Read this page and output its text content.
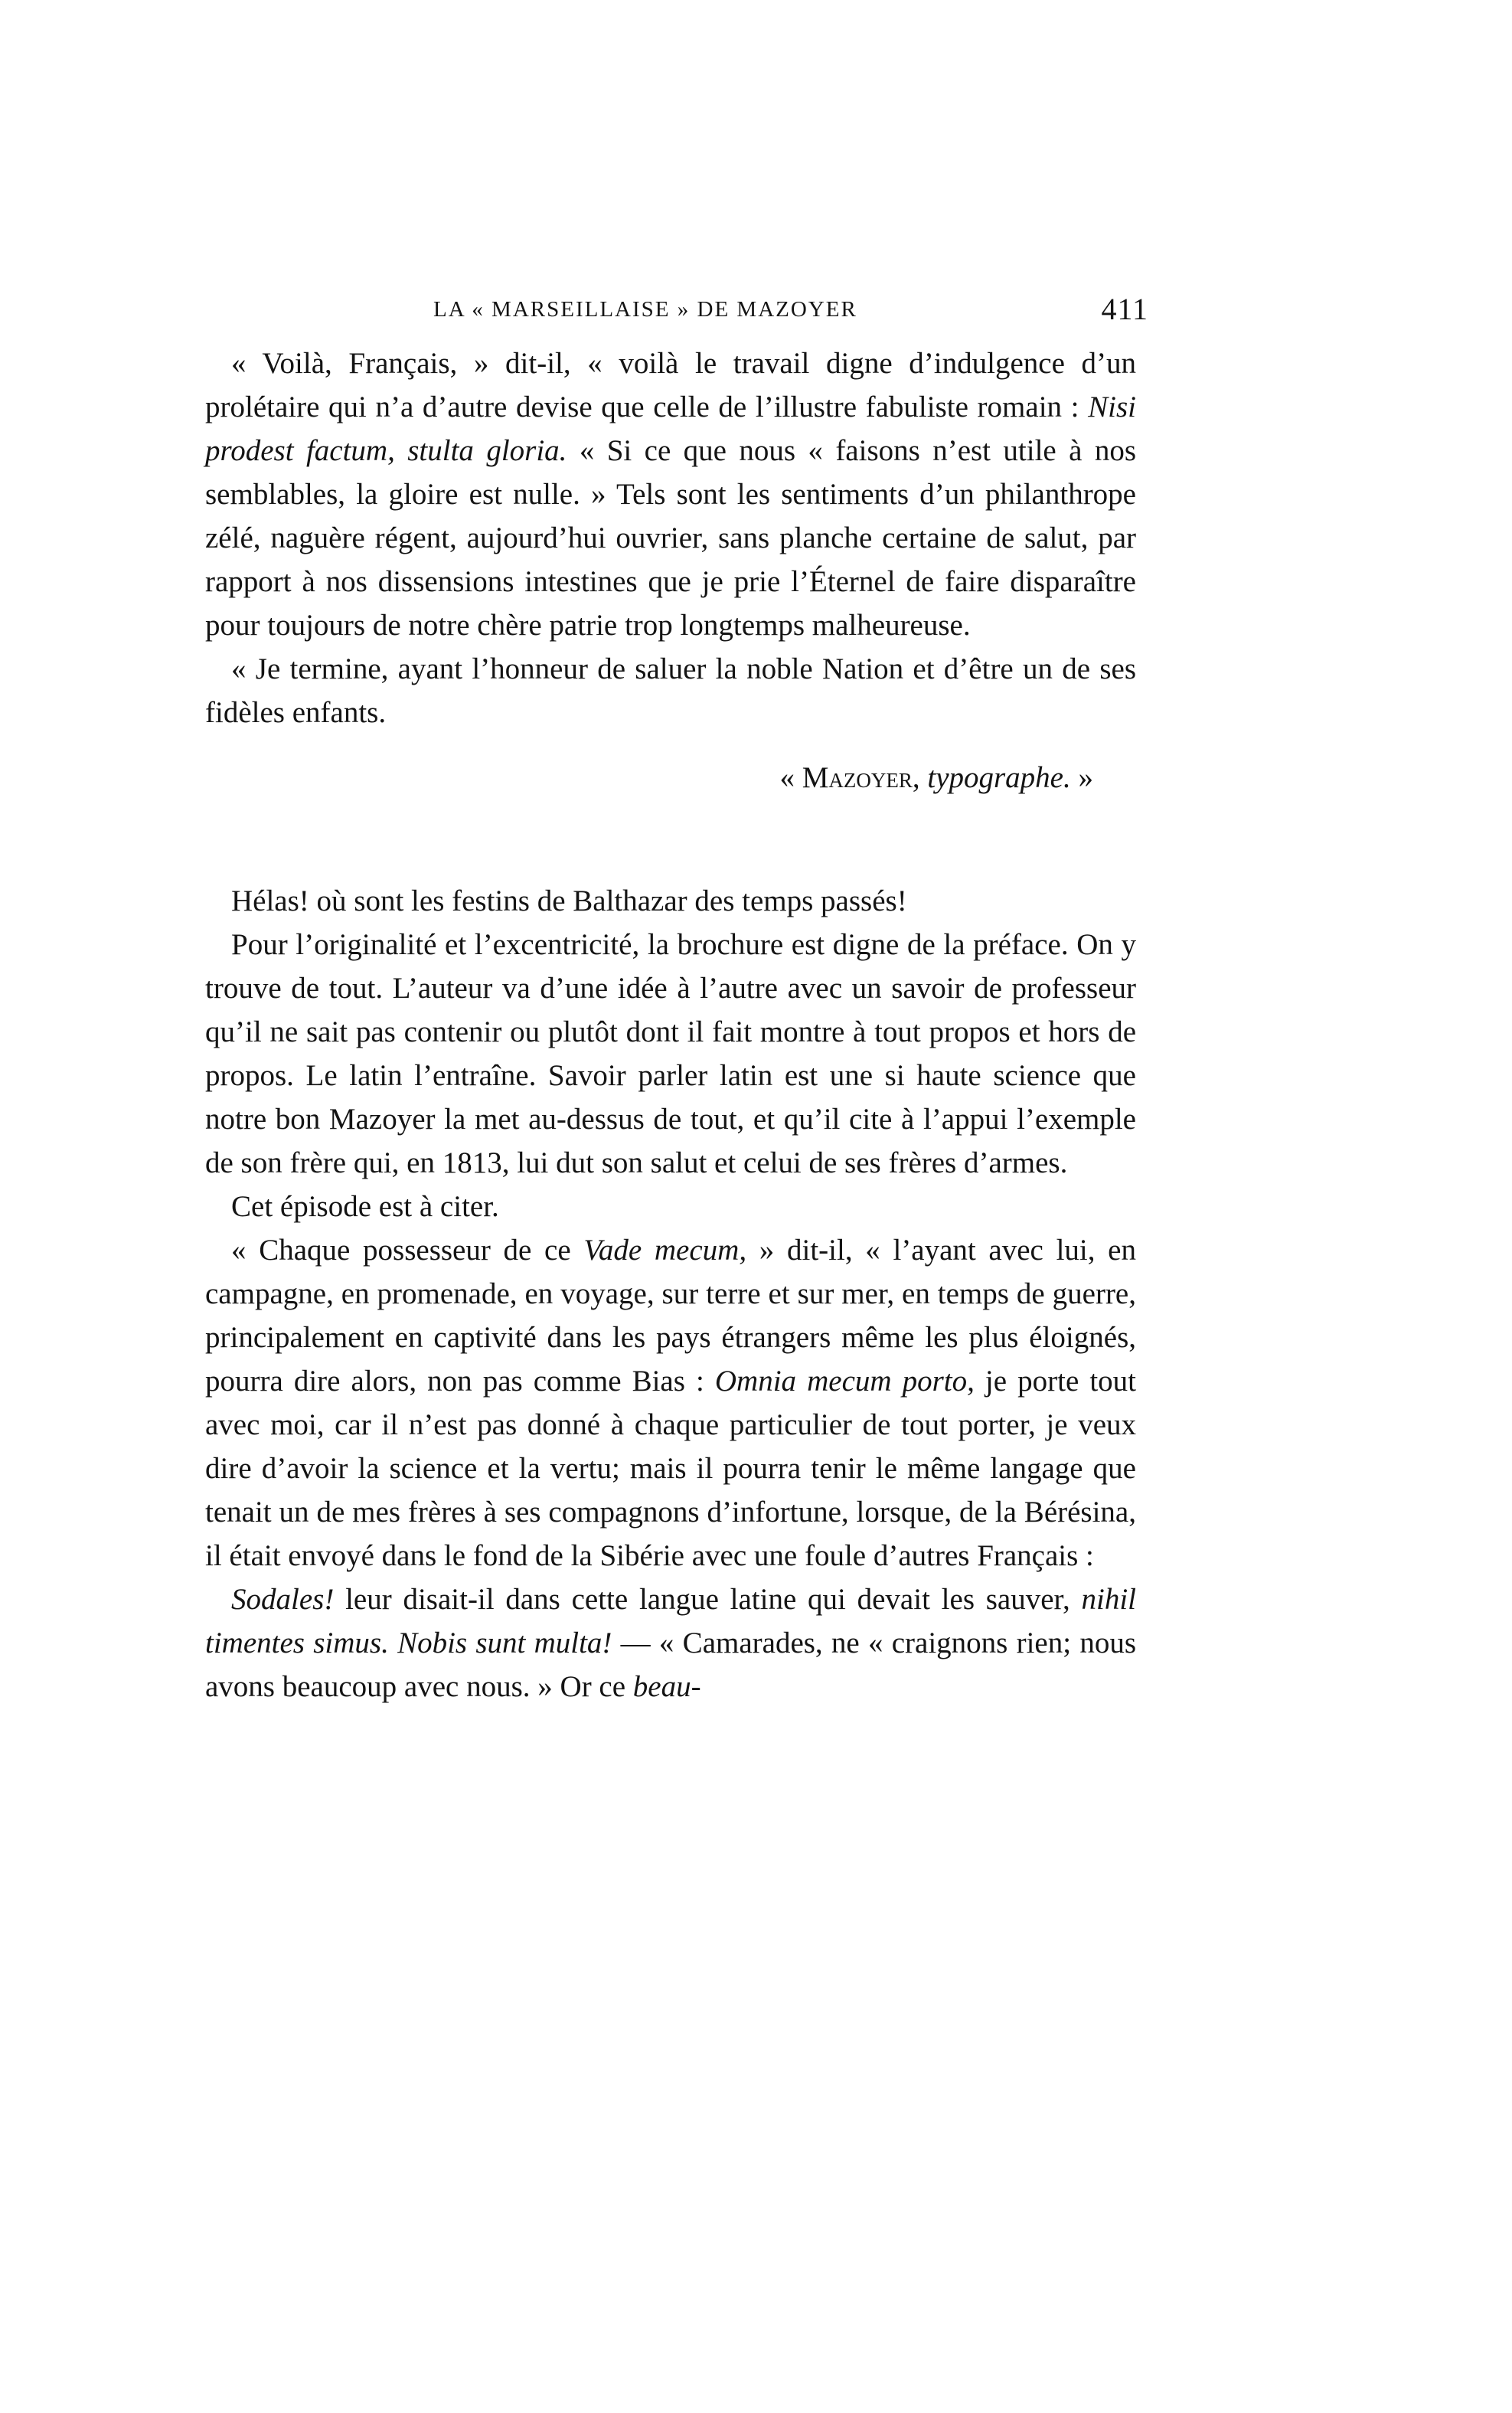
LA « MARSEILLAISE » DE MAZOYER	411

« Voilà, Français, » dit-il, « voilà le travail digne d’indulgence d’un prolétaire qui n’a d’autre devise que celle de l’illustre fabuliste romain : Nisi prodest factum, stulta gloria. « Si ce que nous « faisons n’est utile à nos semblables, la gloire est nulle. » Tels sont les sentiments d’un philanthrope zélé, naguère régent, aujourd’hui ouvrier, sans planche certaine de salut, par rapport à nos dissensions intestines que je prie l’Éternel de faire disparaître pour toujours de notre chère patrie trop longtemps malheureuse.

« Je termine, ayant l’honneur de saluer la noble Nation et d’être un de ses fidèles enfants.

« Mazoyer, typographe. »

Hélas! où sont les festins de Balthazar des temps passés!

Pour l’originalité et l’excentricité, la brochure est digne de la préface. On y trouve de tout. L’auteur va d’une idée à l’autre avec un savoir de professeur qu’il ne sait pas contenir ou plutôt dont il fait montre à tout propos et hors de propos. Le latin l’entraîne. Savoir parler latin est une si haute science que notre bon Mazoyer la met au-dessus de tout, et qu’il cite à l’appui l’exemple de son frère qui, en 1813, lui dut son salut et celui de ses frères d’armes.

Cet épisode est à citer.

« Chaque possesseur de ce Vade mecum, » dit-il, « l’ayant avec lui, en campagne, en promenade, en voyage, sur terre et sur mer, en temps de guerre, principalement en captivité dans les pays étrangers même les plus éloignés, pourra dire alors, non pas comme Bias : Omnia mecum porto, je porte tout avec moi, car il n’est pas donné à chaque particulier de tout porter, je veux dire d’avoir la science et la vertu; mais il pourra tenir le même langage que tenait un de mes frères à ses compagnons d’infortune, lorsque, de la Bérésina, il était envoyé dans le fond de la Sibérie avec une foule d’autres Français :

Sodales! leur disait-il dans cette langue latine qui devait les sauver, nihil timentes simus. Nobis sunt multa! — « Camarades, ne « craignons rien; nous avons beaucoup avec nous. » Or ce beau-
